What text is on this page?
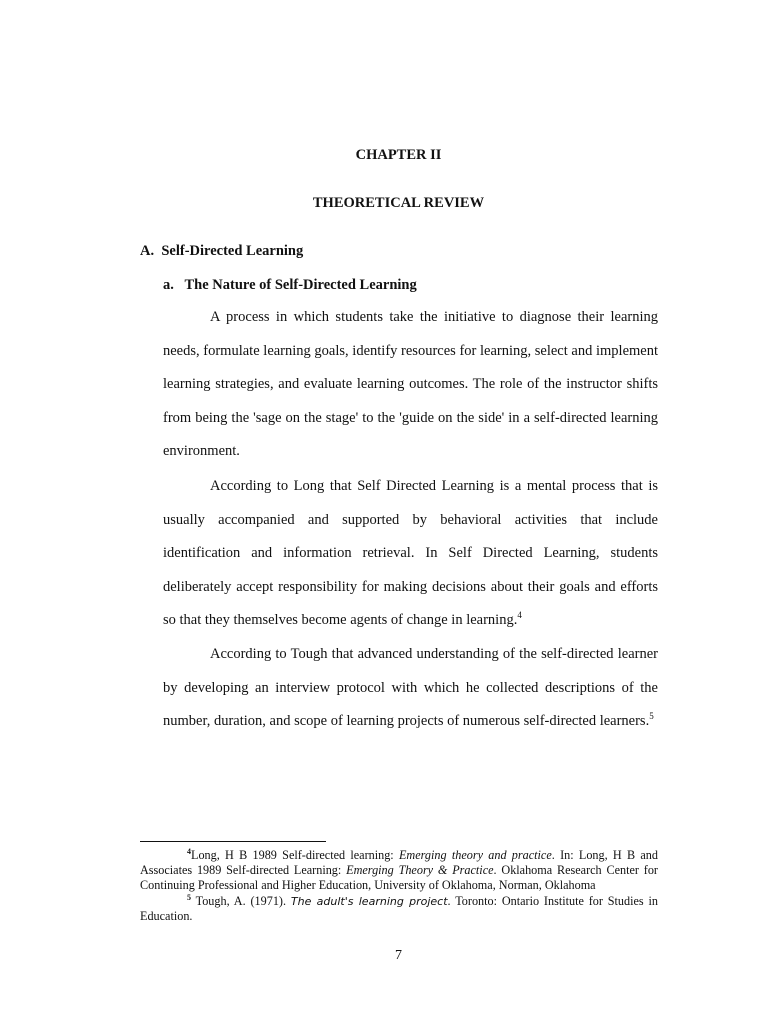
CHAPTER II
THEORETICAL REVIEW
A. Self-Directed Learning
a. The Nature of Self-Directed Learning

A process in which students take the initiative to diagnose their learning needs, formulate learning goals, identify resources for learning, select and implement learning strategies, and evaluate learning outcomes. The role of the instructor shifts from being the 'sage on the stage' to the 'guide on the side' in a self-directed learning environment.

According to Long that Self Directed Learning is a mental process that is usually accompanied and supported by behavioral activities that include identification and information retrieval. In Self Directed Learning, students deliberately accept responsibility for making decisions about their goals and efforts so that they themselves become agents of change in learning.$^4$

According to Tough that advanced understanding of the self-directed learner by developing an interview protocol with which he collected descriptions of the number, duration, and scope of learning projects of numerous self-directed learners.$^5$

$^4$Long, H B 1989 Self-directed learning: Emerging theory and practice. In: Long, H B and Associates 1989 Self-directed Learning: Emerging Theory & Practice. Oklahoma Research Center for Continuing Professional and Higher Education, University of Oklahoma, Norman, Oklahoma

$^5$ Tough, A. (1971). The adult's learning project. Toronto: Ontario Institute for Studies in Education.

7
